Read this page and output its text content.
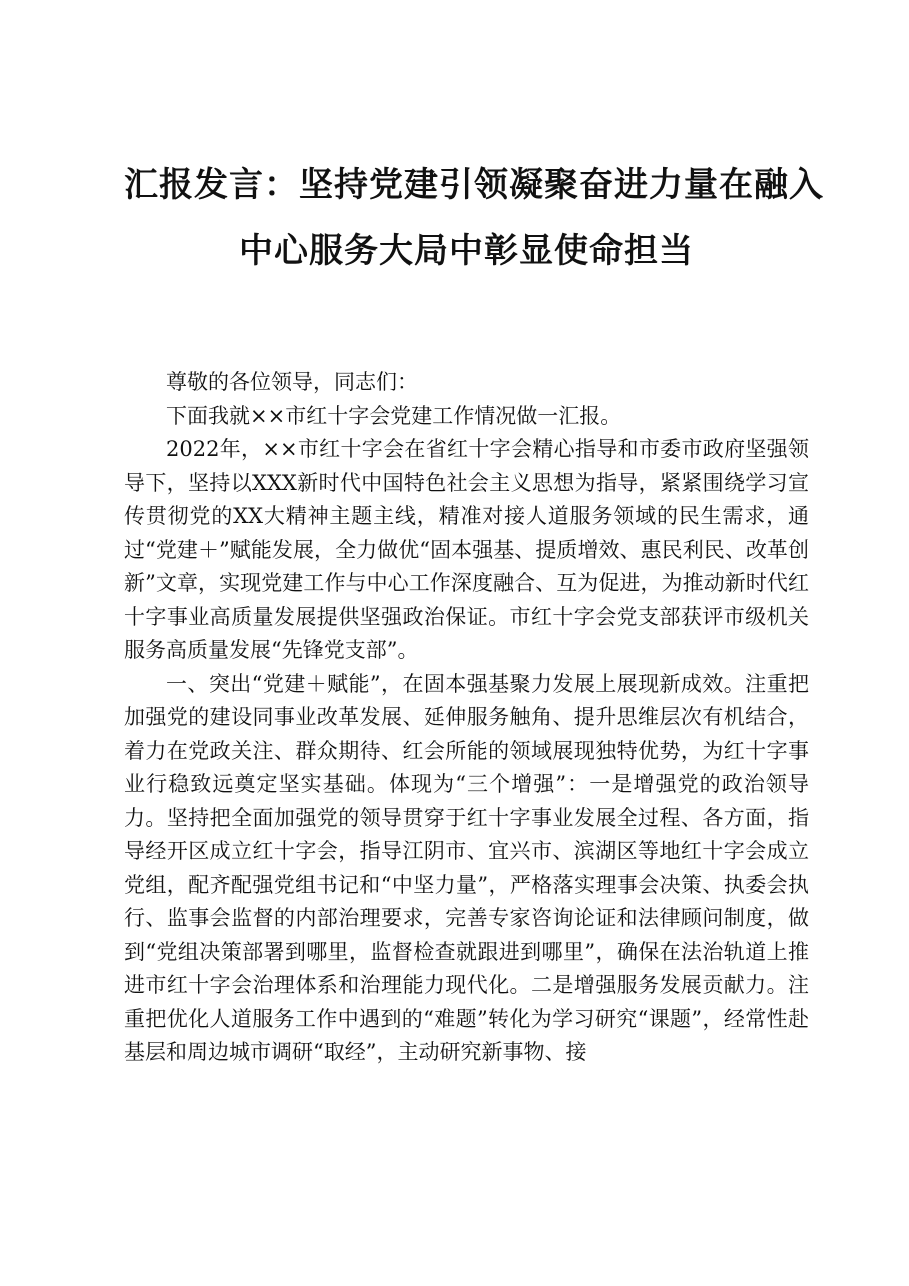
汇报发言：坚持党建引领凝聚奋进力量在融入
中心服务大局中彰显使命担当

尊敬的各位领导，同志们：

下面我就××市红十字会党建工作情况做一汇报。

2022年，××市红十字会在省红十字会精心指导和市委市政府坚强领导下，坚持以XXX新时代中国特色社会主义思想为指导，紧紧围绕学习宣传贯彻党的XX大精神主题主线，精准对接人道服务领域的民生需求，通过“党建＋”赋能发展，全力做优“固本强基、提质增效、惠民利民、改革创新”文章，实现党建工作与中心工作深度融合、互为促进，为推动新时代红十字事业高质量发展提供坚强政治保证。市红十字会党支部获评市级机关服务高质量发展“先锋党支部”。

一、突出“党建＋赋能”，在固本强基聚力发展上展现新成效。注重把加强党的建设同事业改革发展、延伸服务触角、提升思维层次有机结合，着力在党政关注、群众期待、红会所能的领域展现独特优势，为红十字事业行稳致远奠定坚实基础。体现为“三个增强”：一是增强党的政治领导力。坚持把全面加强党的领导贯穿于红十字事业发展全过程、各方面，指导经开区成立红十字会，指导江阴市、宜兴市、滨湖区等地红十字会成立党组，配齐配强党组书记和“中坚力量”，严格落实理事会决策、执委会执行、监事会监督的内部治理要求，完善专家咨询论证和法律顾问制度，做到“党组决策部署到哪里，监督检查就跟进到哪里”，确保在法治轨道上推进市红十字会治理体系和治理能力现代化。二是增强服务发展贡献力。注重把优化人道服务工作中遇到的“难题”转化为学习研究“课题”，经常性赴基层和周边城市调研“取经”，主动研究新事物、接
